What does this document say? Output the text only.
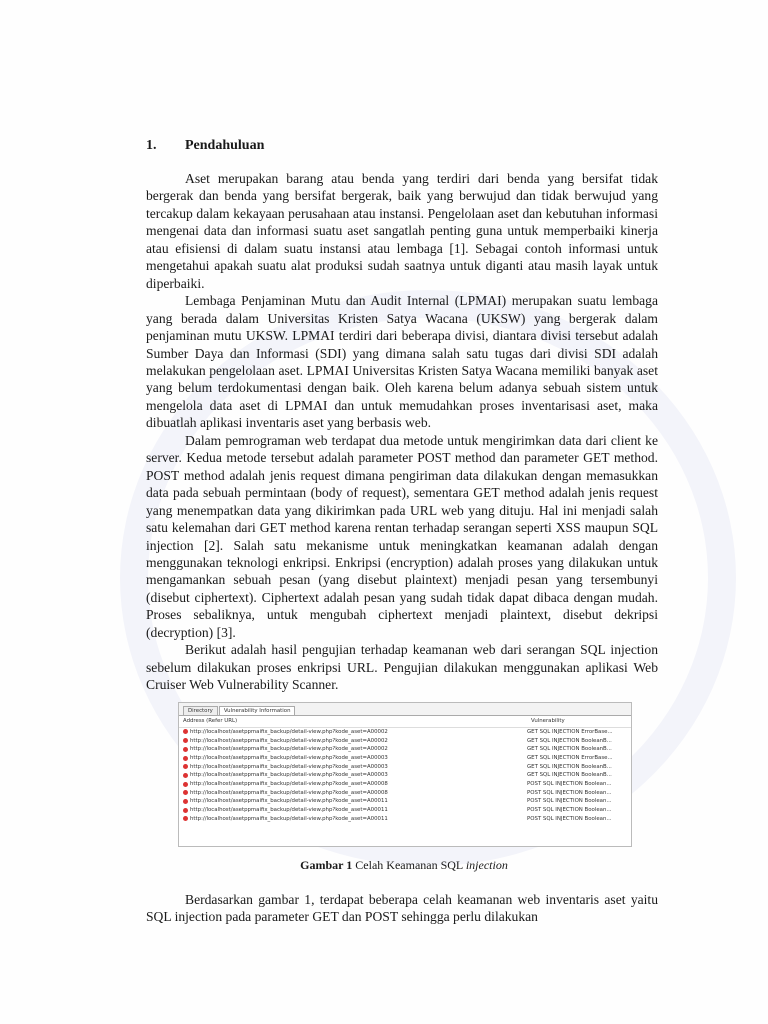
1.	Pendahuluan

Aset merupakan barang atau benda yang terdiri dari benda yang bersifat tidak bergerak dan benda yang bersifat bergerak, baik yang berwujud dan tidak berwujud yang tercakup dalam kekayaan perusahaan atau instansi. Pengelolaan aset dan kebutuhan informasi mengenai data dan informasi suatu aset sangatlah penting guna untuk memperbaiki kinerja atau efisiensi di dalam suatu instansi atau lembaga [1]. Sebagai contoh informasi untuk mengetahui apakah suatu alat produksi sudah saatnya untuk diganti atau masih layak untuk diperbaiki.

Lembaga Penjaminan Mutu dan Audit Internal (LPMAI) merupakan suatu lembaga yang berada dalam Universitas Kristen Satya Wacana (UKSW) yang bergerak dalam penjaminan mutu UKSW. LPMAI terdiri dari beberapa divisi, diantara divisi tersebut adalah Sumber Daya dan Informasi (SDI) yang dimana salah satu tugas dari divisi SDI adalah melakukan pengelolaan aset. LPMAI Universitas Kristen Satya Wacana memiliki banyak aset yang belum terdokumentasi dengan baik. Oleh karena belum adanya sebuah sistem untuk mengelola data aset di LPMAI dan untuk memudahkan proses inventarisasi aset, maka dibuatlah aplikasi inventaris aset yang berbasis web.

Dalam pemrograman web terdapat dua metode untuk mengirimkan data dari client ke server. Kedua metode tersebut adalah parameter POST method dan parameter GET method. POST method adalah jenis request dimana pengiriman data dilakukan dengan memasukkan data pada sebuah permintaan (body of request), sementara GET method adalah jenis request yang menempatkan data yang dikirimkan pada URL web yang dituju. Hal ini menjadi salah satu kelemahan dari GET method karena rentan terhadap serangan seperti XSS maupun SQL injection [2]. Salah satu mekanisme untuk meningkatkan keamanan adalah dengan menggunakan teknologi enkripsi. Enkripsi (encryption) adalah proses yang dilakukan untuk mengamankan sebuah pesan (yang disebut plaintext) menjadi pesan yang tersembunyi (disebut ciphertext). Ciphertext adalah pesan yang sudah tidak dapat dibaca dengan mudah. Proses sebaliknya, untuk mengubah ciphertext menjadi plaintext, disebut dekripsi (decryption) [3].

Berikut adalah hasil pengujian terhadap keamanan web dari serangan SQL injection sebelum dilakukan proses enkripsi URL. Pengujian dilakukan menggunakan aplikasi Web Cruiser Web Vulnerability Scanner.

Directory	Vulnerability Information
Address (Refer URL)	Vulnerability
http://localhost/asetppmaifix_backup/detail-view.php?kode_aset=A00002	GET SQL INJECTION ErrorBase...
http://localhost/asetppmaifix_backup/detail-view.php?kode_aset=A00002	GET SQL INJECTION BooleanB...
http://localhost/asetppmaifix_backup/detail-view.php?kode_aset=A00002	GET SQL INJECTION BooleanB...
http://localhost/asetppmaifix_backup/detail-view.php?kode_aset=A00003	GET SQL INJECTION ErrorBase...
http://localhost/asetppmaifix_backup/detail-view.php?kode_aset=A00003	GET SQL INJECTION BooleanB...
http://localhost/asetppmaifix_backup/detail-view.php?kode_aset=A00003	GET SQL INJECTION BooleanB...
http://localhost/asetppmaifix_backup/detail-view.php?kode_aset=A00008	POST SQL INJECTION Boolean...
http://localhost/asetppmaifix_backup/detail-view.php?kode_aset=A00008	POST SQL INJECTION Boolean...
http://localhost/asetppmaifix_backup/detail-view.php?kode_aset=A00011	POST SQL INJECTION Boolean...
http://localhost/asetppmaifix_backup/detail-view.php?kode_aset=A00011	POST SQL INJECTION Boolean...
http://localhost/asetppmaifix_backup/detail-view.php?kode_aset=A00011	POST SQL INJECTION Boolean...
Gambar 1 Celah Keamanan SQL injection

Berdasarkan gambar 1, terdapat beberapa celah keamanan web inventaris aset yaitu SQL injection pada parameter GET dan POST sehingga perlu dilakukan
